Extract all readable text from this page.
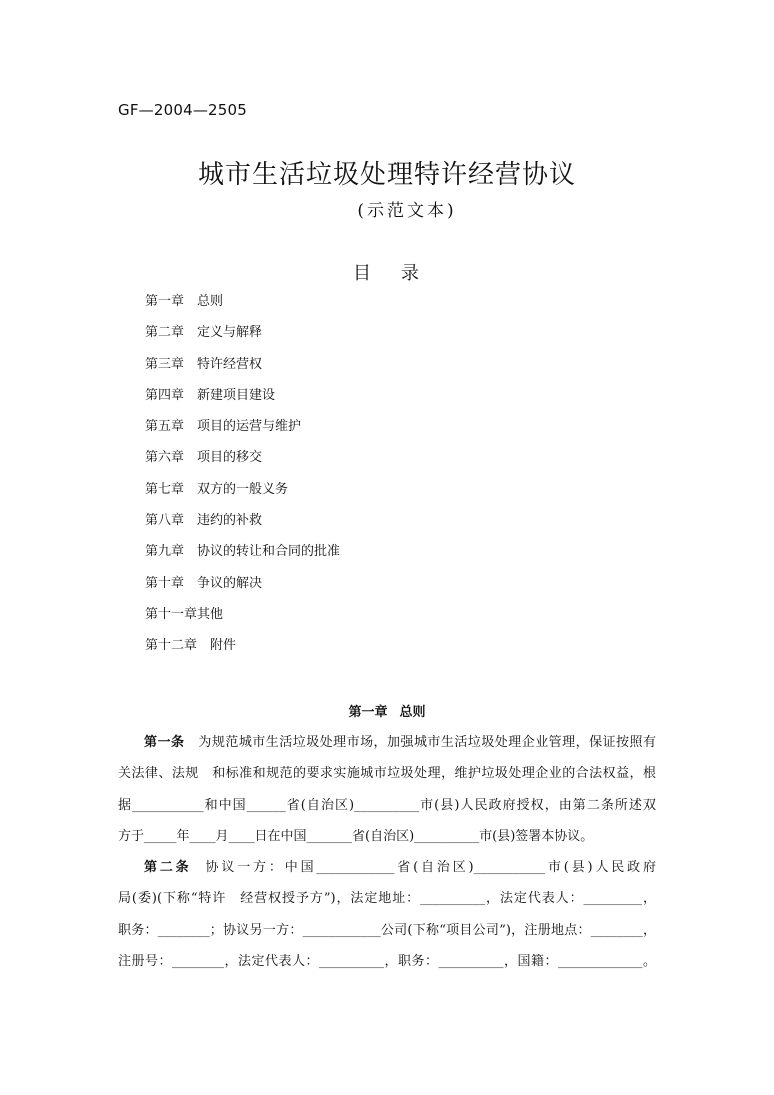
GF—2004—2505
城市生活垃圾处理特许经营协议
(示范文本)
目 录
第一章 总则
第二章 定义与解释
第三章 特许经营权
第四章 新建项目建设
第五章 项目的运营与维护
第六章 项目的移交
第七章 双方的一般义务
第八章 违约的补救
第九章 协议的转让和合同的批准
第十章 争议的解决
第十一章其他
第十二章 附件
第一章 总则
第一条 为规范城市生活垃圾处理市场，加强城市生活垃圾处理企业管理，保证按照有
关法律、法规　和标准和规范的要求实施城市垃圾处理，维护垃圾处理企业的合法权益，根
据___________和中国______省(自治区)__________市(县)人民政府授权，由第二条所述双
方于_____年____月____日在中国_______省(自治区)__________市(县)签署本协议。
第二条 协议一方：中国____________省(自治区)___________市(县)人民政府
局(委)(下称“特许　经营权授予方”)，法定地址：__________，法定代表人：_________，
职务：________；协议另一方：____________公司(下称“项目公司”)，注册地点：________，
注册号：________，法定代表人：__________，职务：__________，国籍：_____________。
